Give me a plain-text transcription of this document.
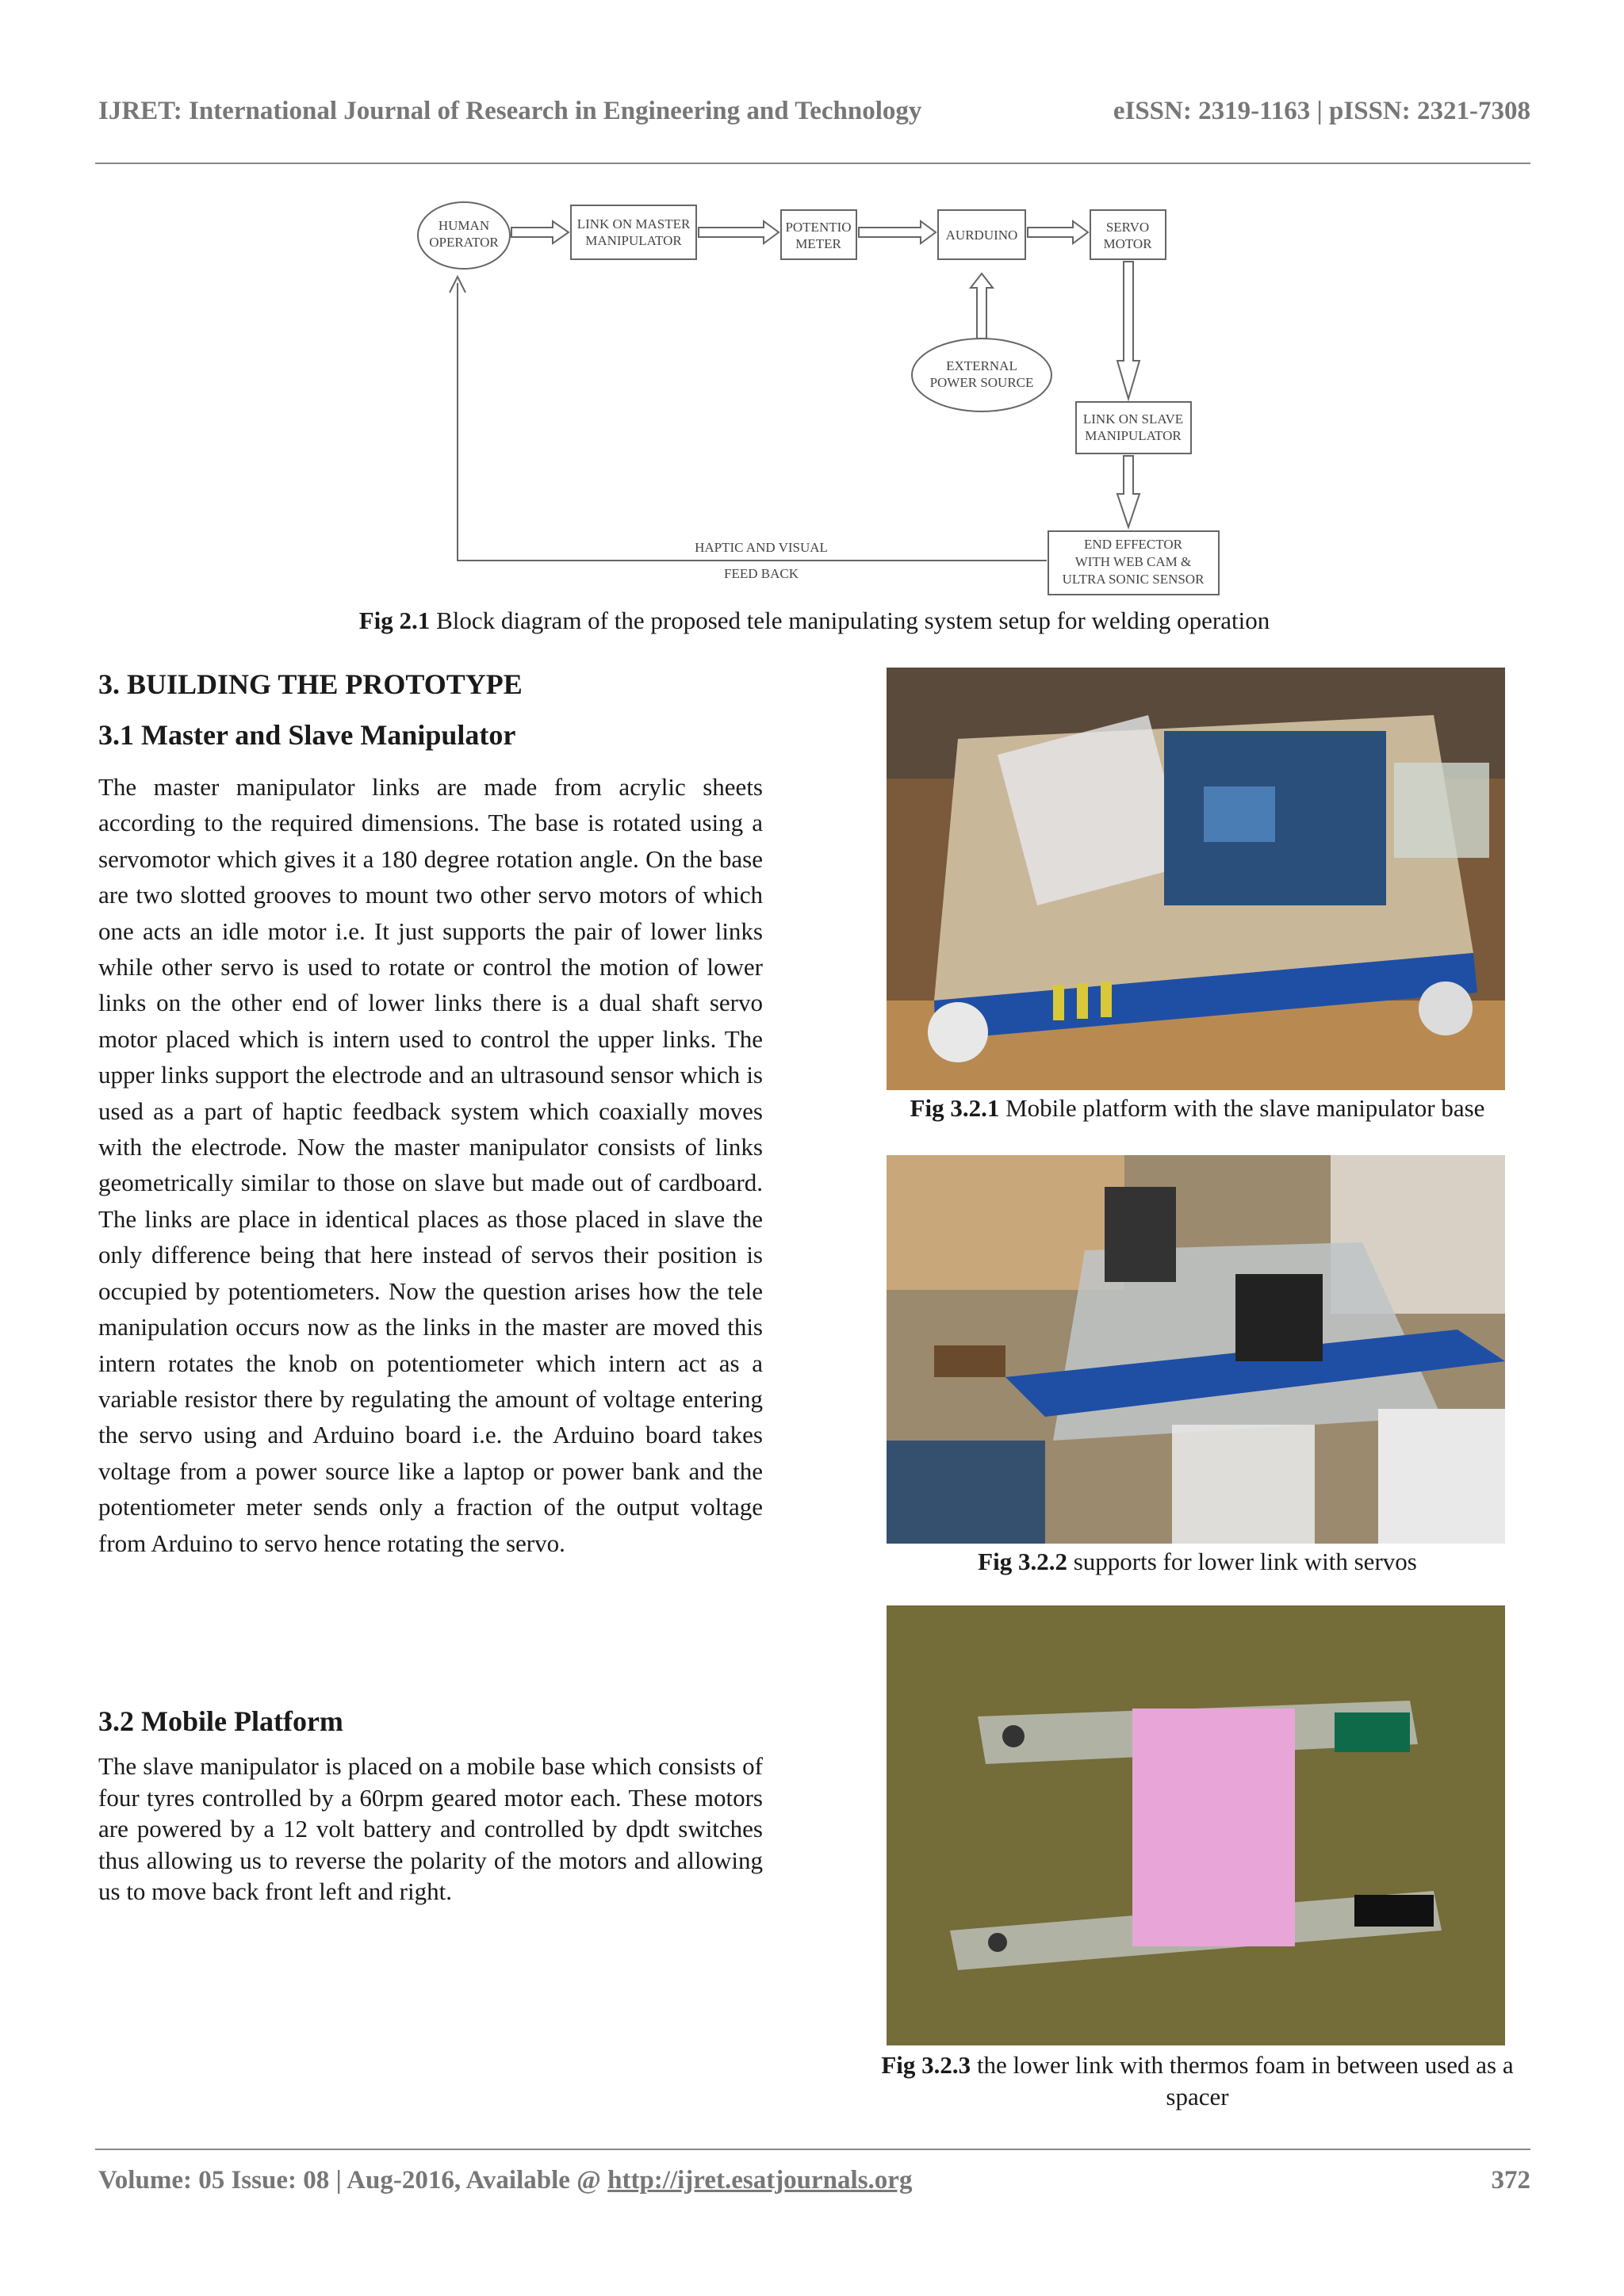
IJRET: International Journal of Research in Engineering and Technology	eISSN: 2319-1163 | pISSN: 2321-7308
HUMAN
OPERATOR
LINK ON MASTER
MANIPULATOR
POTENTIO
METER
AURDUINO
SERVO
MOTOR
EXTERNAL
POWER SOURCE
LINK ON SLAVE
MANIPULATOR
END EFFECTOR
WITH WEB CAM &
ULTRA SONIC SENSOR
HAPTIC AND VISUAL
FEED BACK
Fig 2.1 Block diagram of the proposed tele manipulating system setup for welding operation
3. BUILDING THE PROTOTYPE
3.1 Master and Slave Manipulator
The master manipulator links are made from acrylic sheets according to the required dimensions. The base is rotated using a servomotor which gives it a 180 degree rotation angle. On the base are two slotted grooves to mount two other servo motors of which one acts an idle motor i.e. It just supports the pair of lower links while other servo is used to rotate or control the motion of lower links on the other end of lower links there is a dual shaft servo motor placed which is intern used to control the upper links. The upper links support the electrode and an ultrasound sensor which is used as a part of haptic feedback system which coaxially moves with the electrode. Now the master manipulator consists of links geometrically similar to those on slave but made out of cardboard. The links are place in identical places as those placed in slave the only difference being that here instead of servos their position is occupied by potentiometers. Now the question arises how the tele manipulation occurs now as the links in the master are moved this intern rotates the knob on potentiometer which intern act as a variable resistor there by regulating the amount of voltage entering the servo using and Arduino board i.e. the Arduino board takes voltage from a power source like a laptop or power bank and the potentiometer meter sends only a fraction of the output voltage from Arduino to servo hence rotating the servo.
3.2 Mobile Platform
The slave manipulator is placed on a mobile base which consists of four tyres controlled by a 60rpm geared motor each. These motors are powered by a 12 volt battery and controlled by dpdt switches thus allowing us to reverse the polarity of the motors and allowing us to move back front left and right.
Fig 3.2.1 Mobile platform with the slave manipulator base
Fig 3.2.2 supports for lower link with servos
Fig 3.2.3 the lower link with thermos foam in between used as a spacer
Volume: 05 Issue: 08 | Aug-2016, Available @ http://ijret.esatjournals.org	372
